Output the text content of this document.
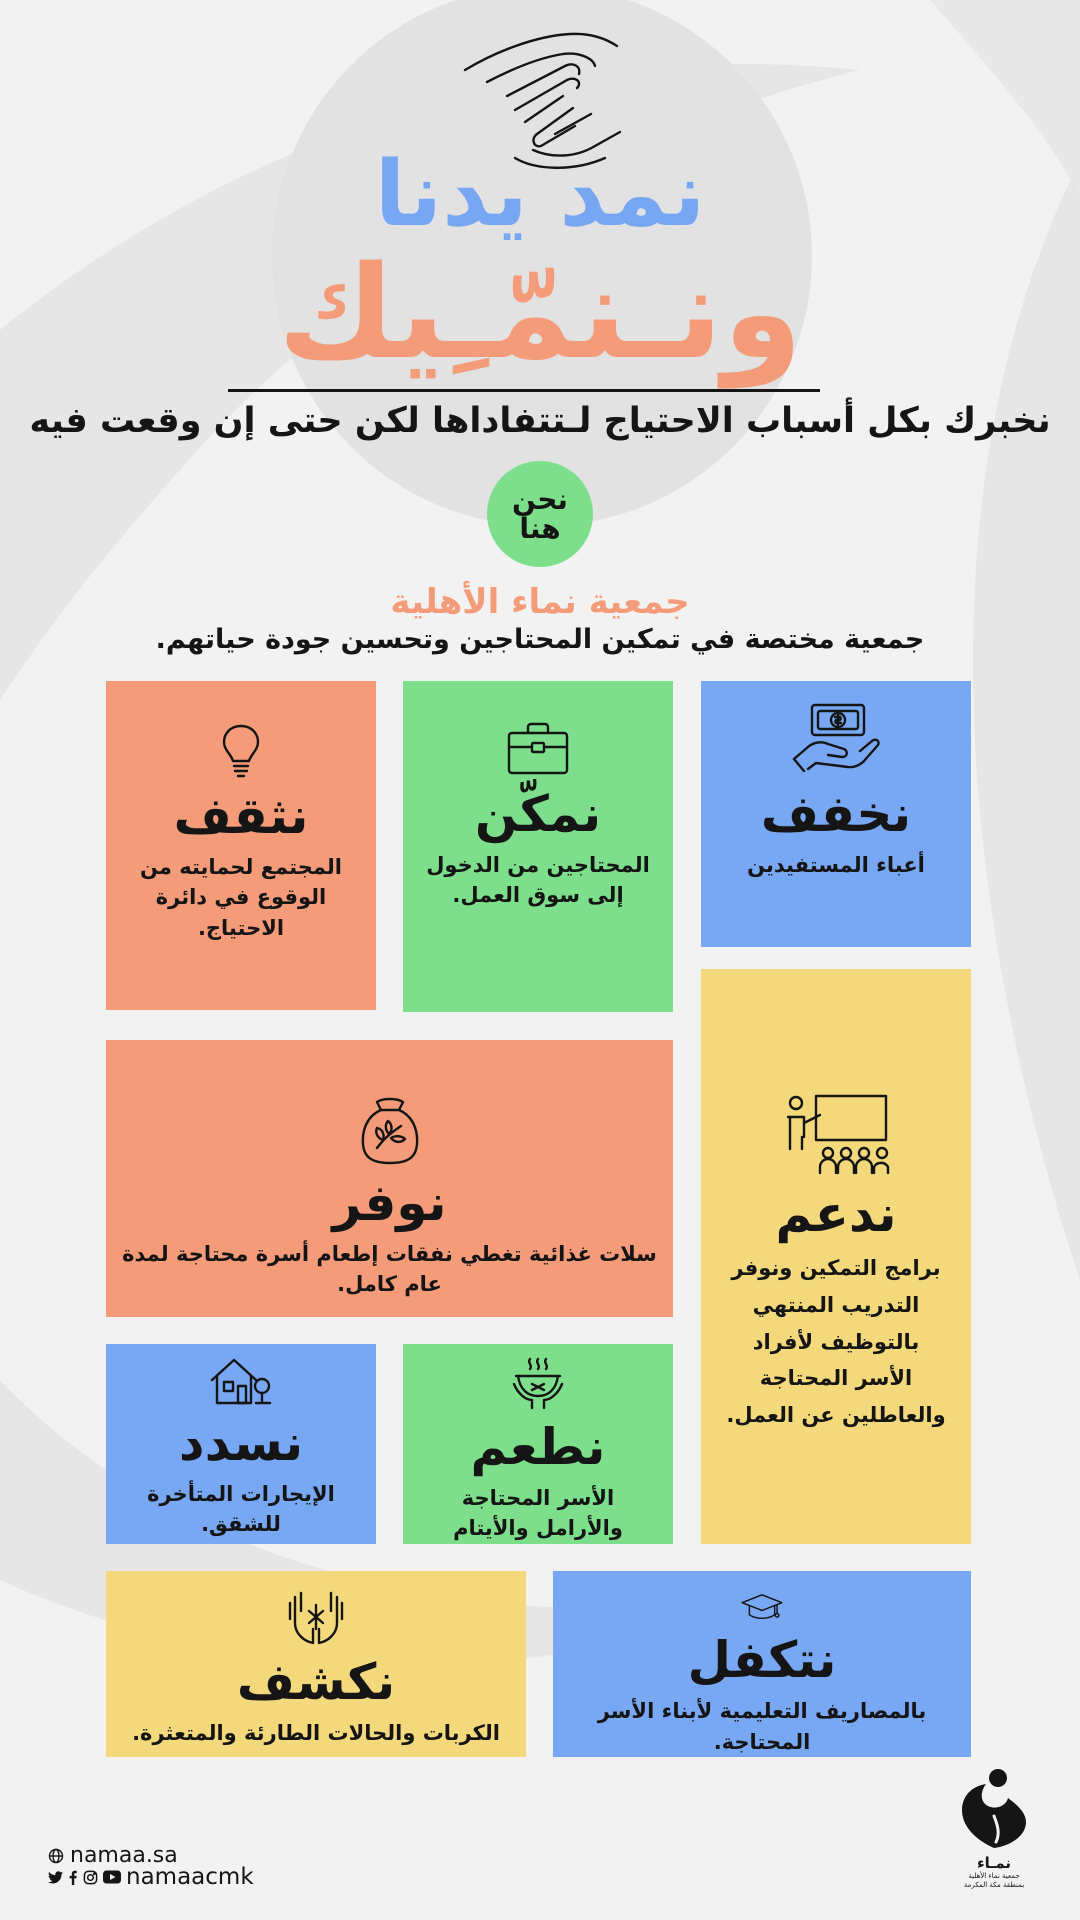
نمد يدنا
ونـنمّـِيك
نخبرك بكل أسباب الاحتياج لـتتفاداها لكن حتى إن وقعت فيه
نحن هنا
جمعية نماء الأهلية
جمعية مختصة في تمكين المحتاجين وتحسين جودة حياتهم.
نخفف
أعباء المستفيدين
نمكّن
المحتاجين من الدخول إلى سوق العمل.
نثقف
المجتمع لحمايته من الوقوع في دائرة الاحتياج.
ندعم
برامج التمكين ونوفر التدريب المنتهي بالتوظيف لأفراد الأسر المحتاجة والعاطلين عن العمل.
نوفر
سلات غذائية تغطي نفقات إطعام أسرة محتاجة لمدة عام كامل.
نسدد
الإيجارات المتأخرة للشقق.
نطعم
الأسر المحتاجة والأرامل والأيتام
نتكفل
بالمصاريف التعليمية لأبناء الأسر المحتاجة.
نكشف
الكربات والحالات الطارئة والمتعثرة.
namaa.sa
namaacmk
نمـاء
جمعية نماء الأهلية
بمنطقة مكة المكرمة
